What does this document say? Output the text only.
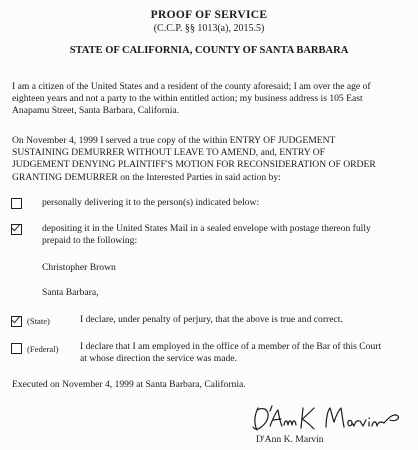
PROOF OF SERVICE
(C.C.P. §§ 1013(a), 2015.5)
STATE OF CALIFORNIA, COUNTY OF SANTA BARBARA
I am a citizen of the United States and a resident of the county aforesaid; I am over the age of
eighteen years and not a party to the within entitled action; my business address is 105 East
Anapamu Street, Santa Barbara, California.
On November 4, 1999 I served a true copy of the within ENTRY OF JUDGEMENT
SUSTAINING DEMURRER WITHOUT LEAVE TO AMEND, and, ENTRY OF
JUDGEMENT DENYING PLAINTIFF'S MOTION FOR RECONSIDERATION OF ORDER
GRANTING DEMURRER on the Interested Parties in said action by:
personally delivering it to the person(s) indicated below:
depositing it in the United States Mail in a sealed envelope with postage thereon fully
prepaid to the following:
Christopher Brown
Santa Barbara,
(State)	I declare, under penalty of perjury, that the above is true and correct.
(Federal) I declare that I am employed in the office of a member of the Bar of this Court
at whose direction the service was made.
Executed on November 4, 1999 at Santa Barbara, California.
D'Ann K. Marvin
